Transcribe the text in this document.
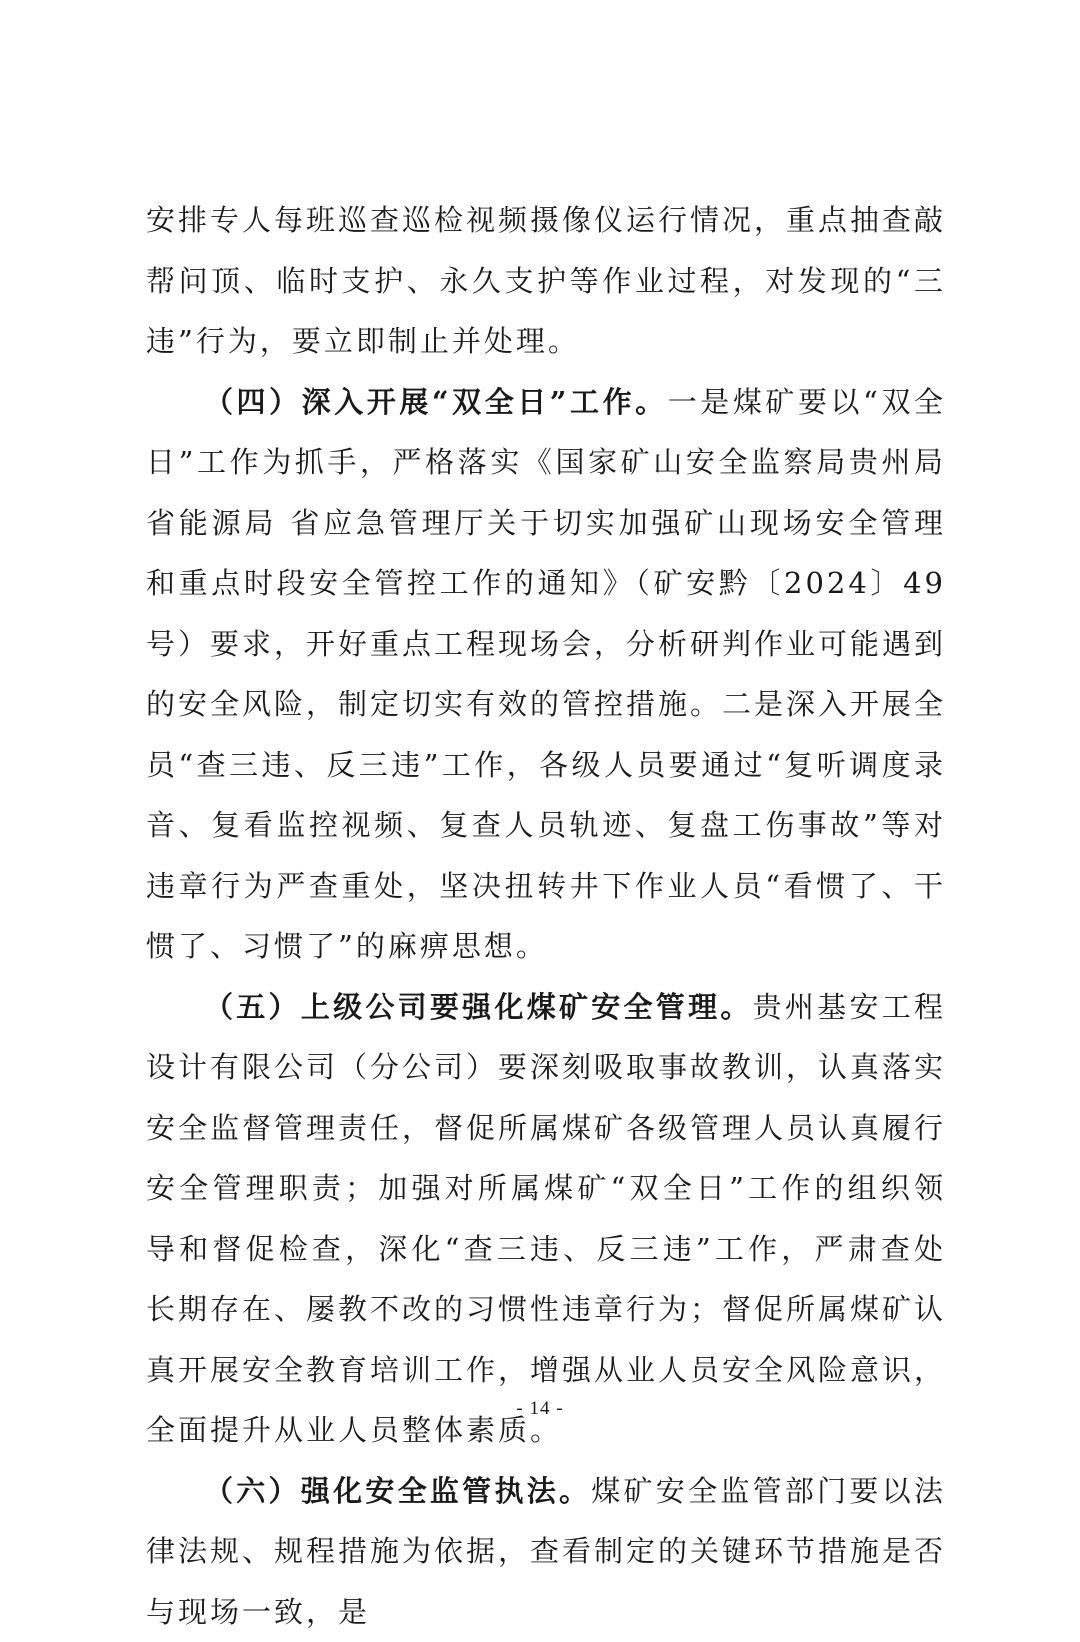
安排专人每班巡查巡检视频摄像仪运行情况，重点抽查敲帮问顶、临时支护、永久支护等作业过程，对发现的“三违”行为，要立即制止并处理。

（四）深入开展“双全日”工作。一是煤矿要以“双全日”工作为抓手，严格落实《国家矿山安全监察局贵州局 省能源局 省应急管理厅关于切实加强矿山现场安全管理和重点时段安全管控工作的通知》（矿安黔〔2024〕49号）要求，开好重点工程现场会，分析研判作业可能遇到的安全风险，制定切实有效的管控措施。二是深入开展全员“查三违、反三违”工作，各级人员要通过“复听调度录音、复看监控视频、复查人员轨迹、复盘工伤事故”等对违章行为严查重处，坚决扭转井下作业人员“看惯了、干惯了、习惯了”的麻痹思想。

（五）上级公司要强化煤矿安全管理。贵州基安工程设计有限公司（分公司）要深刻吸取事故教训，认真落实安全监督管理责任，督促所属煤矿各级管理人员认真履行安全管理职责；加强对所属煤矿“双全日”工作的组织领导和督促检查，深化“查三违、反三违”工作，严肃查处长期存在、屡教不改的习惯性违章行为；督促所属煤矿认真开展安全教育培训工作，增强从业人员安全风险意识，全面提升从业人员整体素质。

（六）强化安全监管执法。煤矿安全监管部门要以法律法规、规程措施为依据，查看制定的关键环节措施是否与现场一致，是

- 14 -
